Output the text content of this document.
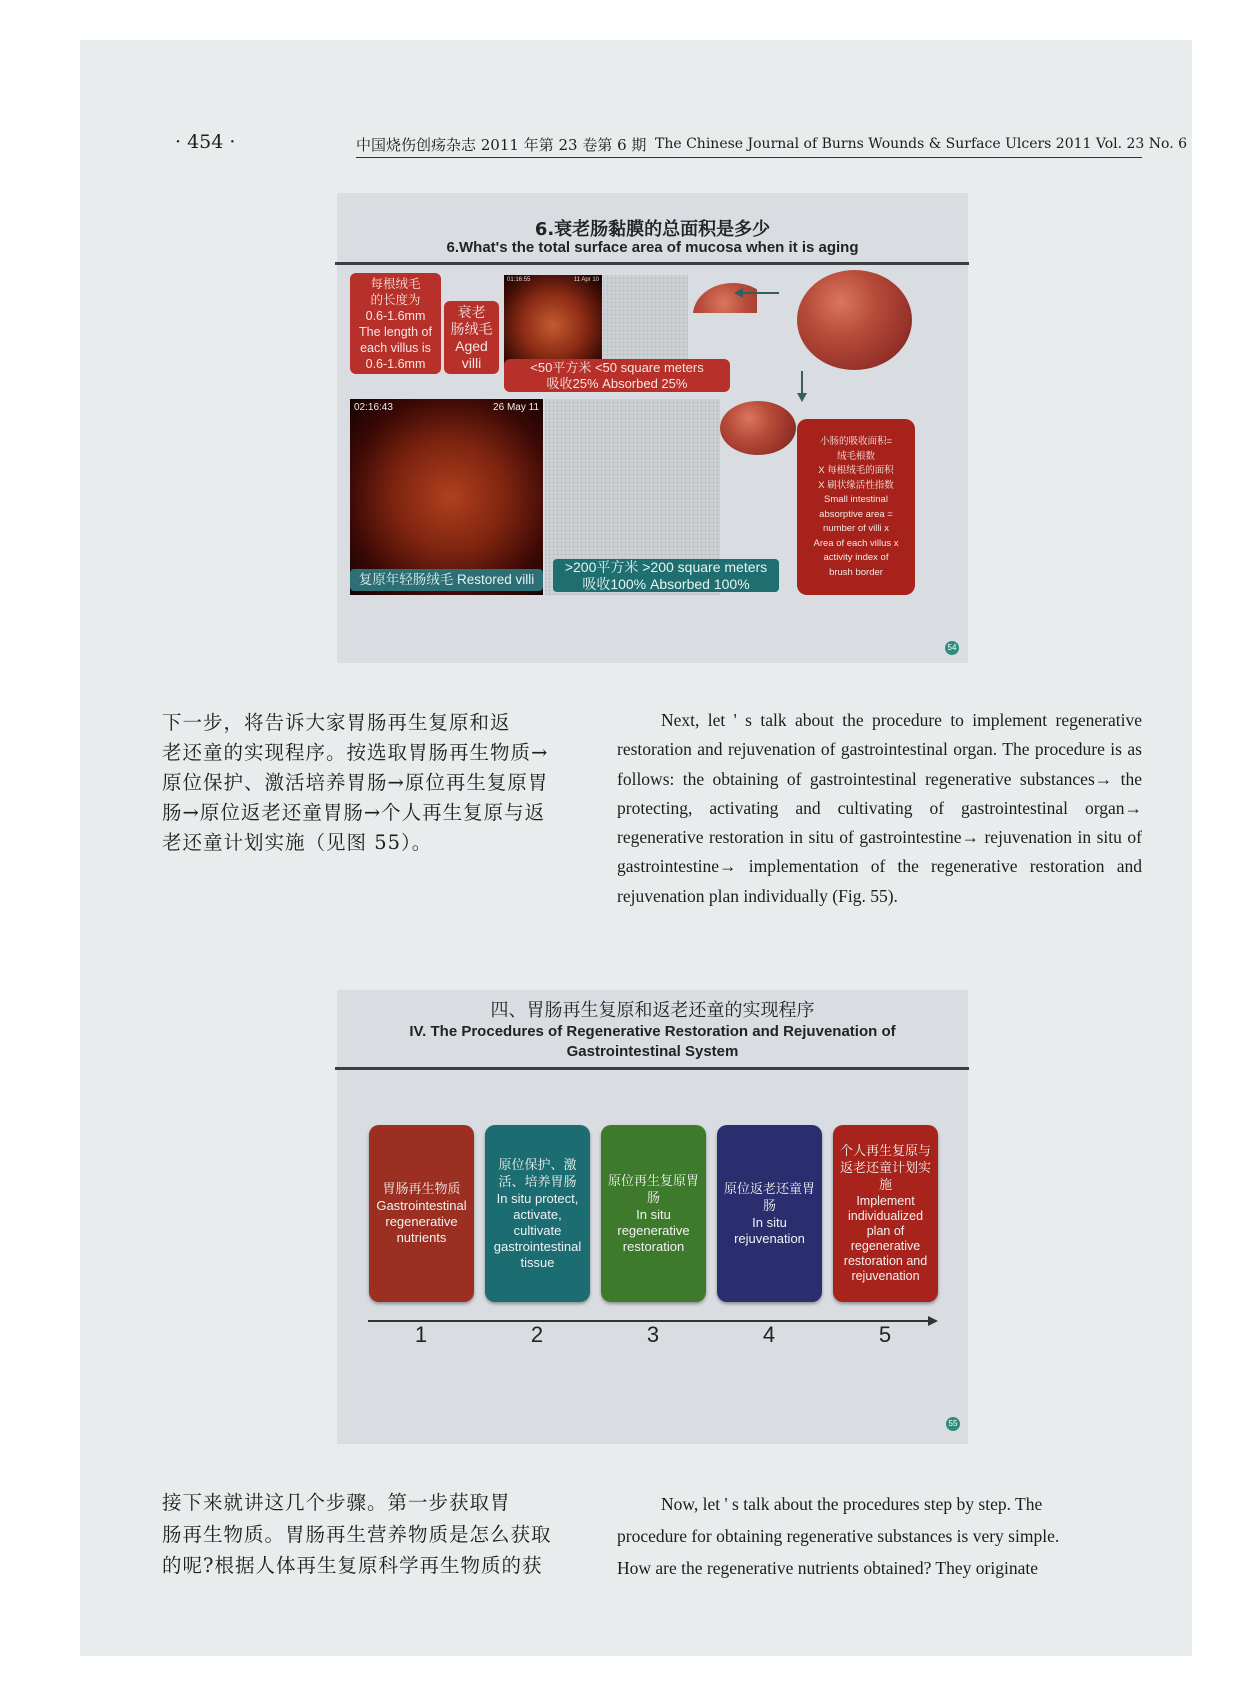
· 454 ·	中国烧伤创疡杂志 2011 年第 23 卷第 6 期 The Chinese Journal of Burns Wounds & Surface Ulcers 2011 Vol. 23 No. 6
6.衰老肠黏膜的总面积是多少
6.What's the total surface area of mucosa when it is aging
每根绒毛
的长度为
0.6-1.6mm
The length of
each villus is
0.6-1.6mm
衰老
肠绒毛
Aged
villi
01:16:55	11 Apr 10
<50平方米 <50 square meters
吸收25% Absorbed 25%
02:16:43	26 May 11
复原年轻肠绒毛 Restored villi
>200平方米 >200 square meters
吸收100% Absorbed 100%
小肠的吸收面积=
绒毛根数
X 每根绒毛的面积
X 刷状缘活性指数
Small intestinal
absorptive area =
number of villi x
Area of each villus x
activity index of
brush border
54
下一步，将告诉大家胃肠再生复原和返
老还童的实现程序。按选取胃肠再生物质→
原位保护、激活培养胃肠→原位再生复原胃
肠→原位返老还童胃肠→个人再生复原与返
老还童计划实施（见图 55）。
Next, let ' s talk about the procedure to implement regenerative restoration and rejuvenation of gastrointestinal organ. The procedure is as follows: the obtaining of gastrointestinal regenerative substances→ the protecting, activating and cultivating of gastrointestinal organ→ regenerative restoration in situ of gastrointestine→ rejuvenation in situ of gastrointestine→ implementation of the regenerative restoration and rejuvenation plan individually (Fig. 55).
四、胃肠再生复原和返老还童的实现程序
IV. The Procedures of Regenerative Restoration and Rejuvenation of
Gastrointestinal System
55
胃肠再生物质
Gastrointestinal regenerative nutrients
原位保护、激活、培养胃肠
In situ protect, activate, cultivate gastrointestinal tissue
原位再生复原胃肠
In situ regenerative restoration
原位返老还童胃肠
In situ rejuvenation
个人再生复原与返老还童计划实施
Implement individualized plan of regenerative restoration and rejuvenation
1	2	3	4	5
接下来就讲这几个步骤。第一步获取胃
肠再生物质。胃肠再生营养物质是怎么获取
的呢?根据人体再生复原科学再生物质的获
Now, let ' s talk about the procedures step by step. The
procedure for obtaining regenerative substances is very simple.
How are the regenerative nutrients obtained? They originate
